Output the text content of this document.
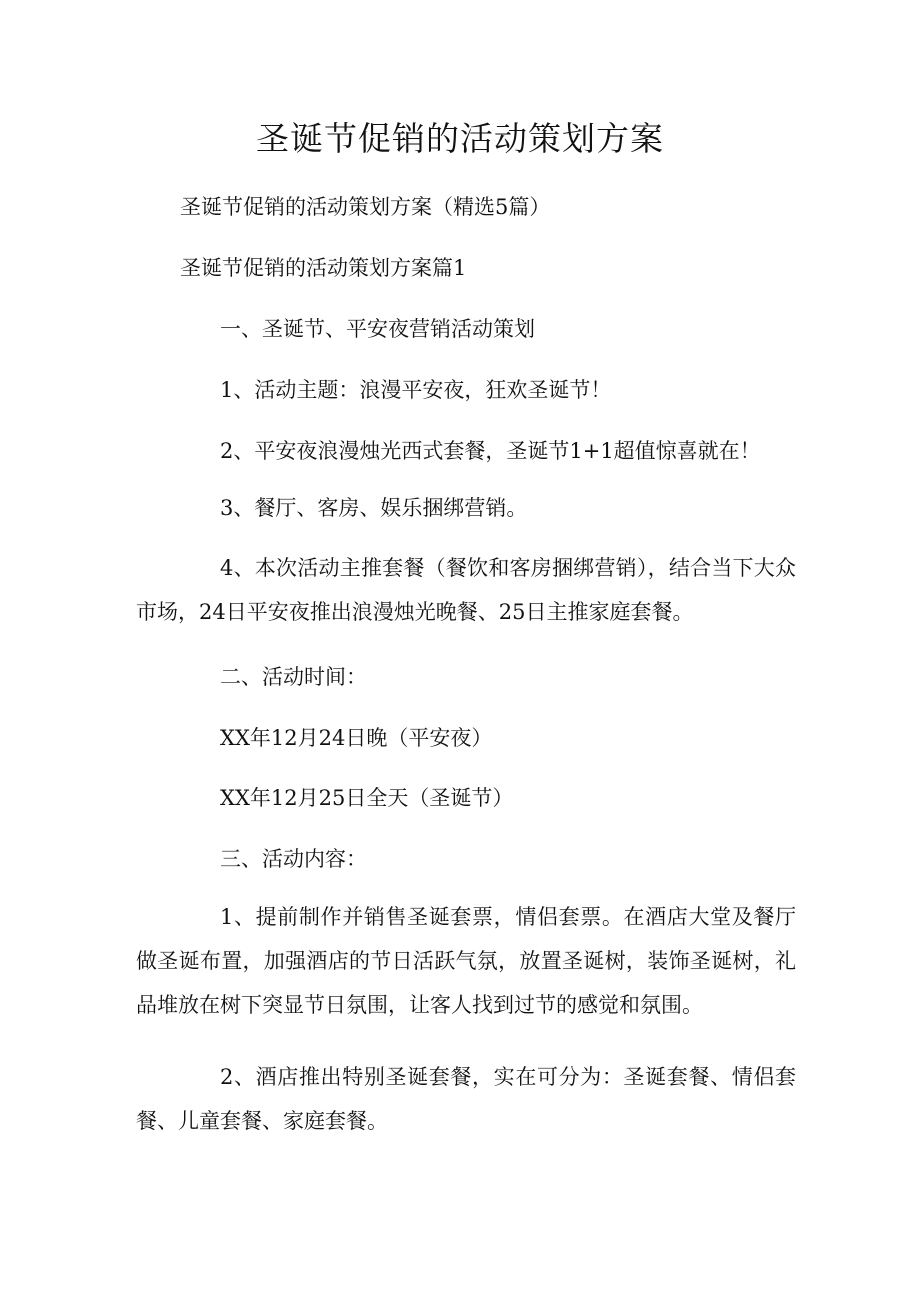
圣诞节促销的活动策划方案

圣诞节促销的活动策划方案（精选5篇）

圣诞节促销的活动策划方案篇1

一、圣诞节、平安夜营销活动策划

1、活动主题：浪漫平安夜，狂欢圣诞节！

2、平安夜浪漫烛光西式套餐，圣诞节1+1超值惊喜就在！

3、餐厅、客房、娱乐捆绑营销。

4、本次活动主推套餐（餐饮和客房捆绑营销），结合当下大众市场，24日平安夜推出浪漫烛光晚餐、25日主推家庭套餐。

二、活动时间：

XX年12月24日晚（平安夜）

XX年12月25日全天（圣诞节）

三、活动内容：

1、提前制作并销售圣诞套票，情侣套票。在酒店大堂及餐厅做圣诞布置，加强酒店的节日活跃气氛，放置圣诞树，装饰圣诞树，礼品堆放在树下突显节日氛围，让客人找到过节的感觉和氛围。

2、酒店推出特别圣诞套餐，实在可分为：圣诞套餐、情侣套餐、儿童套餐、家庭套餐。
